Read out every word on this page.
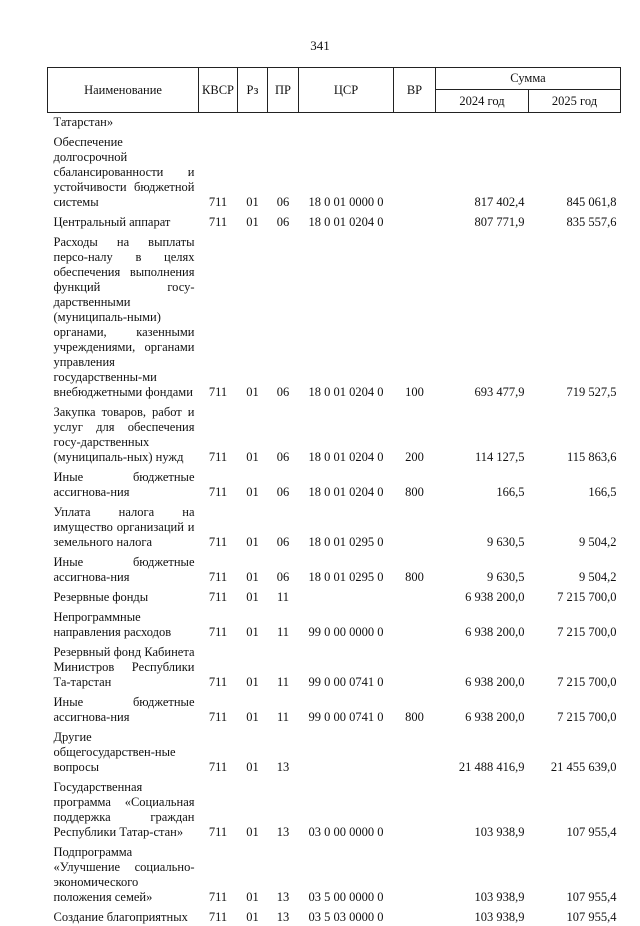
341
Наименование	КВСР	Рз	ПР	ЦСР	ВР	Сумма	
						2024 год	2025 год
Татарстан»							
Обеспечение долгосрочной сбалансированности и устойчивости бюджетной системы	711	01	06	18 0 01 0000 0		817 402,4	845 061,8
Центральный аппарат	711	01	06	18 0 01 0204 0		807 771,9	835 557,6
Расходы на выплаты персо-налу в целях обеспечения выполнения функций госу-дарственными (муниципаль-ными) органами, казенными учреждениями, органами управления государственны-ми внебюджетными фондами	711	01	06	18 0 01 0204 0	100	693 477,9	719 527,5
Закупка товаров, работ и услуг для обеспечения госу-дарственных (муниципаль-ных) нужд	711	01	06	18 0 01 0204 0	200	114 127,5	115 863,6
Иные бюджетные ассигнова-ния	711	01	06	18 0 01 0204 0	800	166,5	166,5
Уплата налога на имущество организаций и земельного налога	711	01	06	18 0 01 0295 0		9 630,5	9 504,2
Иные бюджетные ассигнова-ния	711	01	06	18 0 01 0295 0	800	9 630,5	9 504,2
Резервные фонды	711	01	11			6 938 200,0	7 215 700,0
Непрограммные направления расходов	711	01	11	99 0 00 0000 0		6 938 200,0	7 215 700,0
Резервный фонд Кабинета Министров Республики Та-тарстан	711	01	11	99 0 00 0741 0		6 938 200,0	7 215 700,0
Иные бюджетные ассигнова-ния	711	01	11	99 0 00 0741 0	800	6 938 200,0	7 215 700,0
Другие общегосударствен-ные вопросы	711	01	13			21 488 416,9	21 455 639,0
Государственная программа «Социальная поддержка граждан Республики Татар-стан»	711	01	13	03 0 00 0000 0		103 938,9	107 955,4
Подпрограмма «Улучшение социально-экономического положения семей»	711	01	13	03 5 00 0000 0		103 938,9	107 955,4
Создание благоприятных	711	01	13	03 5 03 0000 0		103 938,9	107 955,4
